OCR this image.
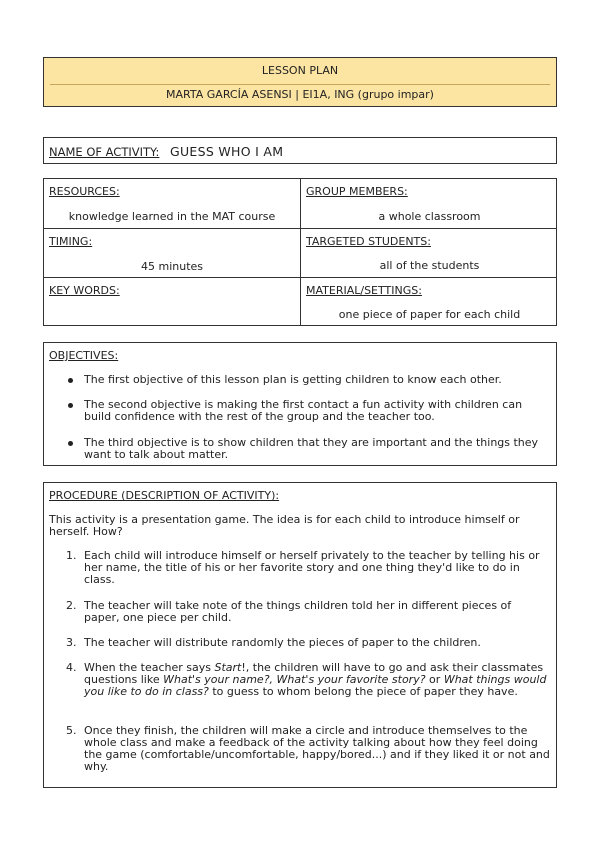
LESSON PLAN
MARTA GARCÍA ASENSI | EI1A, ING (grupo impar)
NAME OF ACTIVITY: GUESS WHO I AM
RESOURCES:
knowledge learned in the MAT course
GROUP MEMBERS:
a whole classroom
TIMING:
45 minutes
TARGETED STUDENTS:
all of the students
KEY WORDS:	MATERIAL/SETTINGS:
one piece of paper for each child
OBJECTIVES:
The first objective of this lesson plan is getting children to know each other.
The second objective is making the first contact a fun activity with children can build confidence with the rest of the group and the teacher too.
The third objective is to show children that they are important and the things they want to talk about matter.
PROCEDURE (DESCRIPTION OF ACTIVITY):
This activity is a presentation game. The idea is for each child to introduce himself or herself. How?
1. Each child will introduce himself or herself privately to the teacher by telling his or her name, the title of his or her favorite story and one thing they'd like to do in class.
2. The teacher will take note of the things children told her in different pieces of paper, one piece per child.
3. The teacher will distribute randomly the pieces of paper to the children.
4. When the teacher says Start!, the children will have to go and ask their classmates questions like What's your name?, What's your favorite story? or What things would you like to do in class? to guess to whom belong the piece of paper they have.
5. Once they finish, the children will make a circle and introduce themselves to the whole class and make a feedback of the activity talking about how they feel doing the game (comfortable/uncomfortable, happy/bored...) and if they liked it or not and why.
